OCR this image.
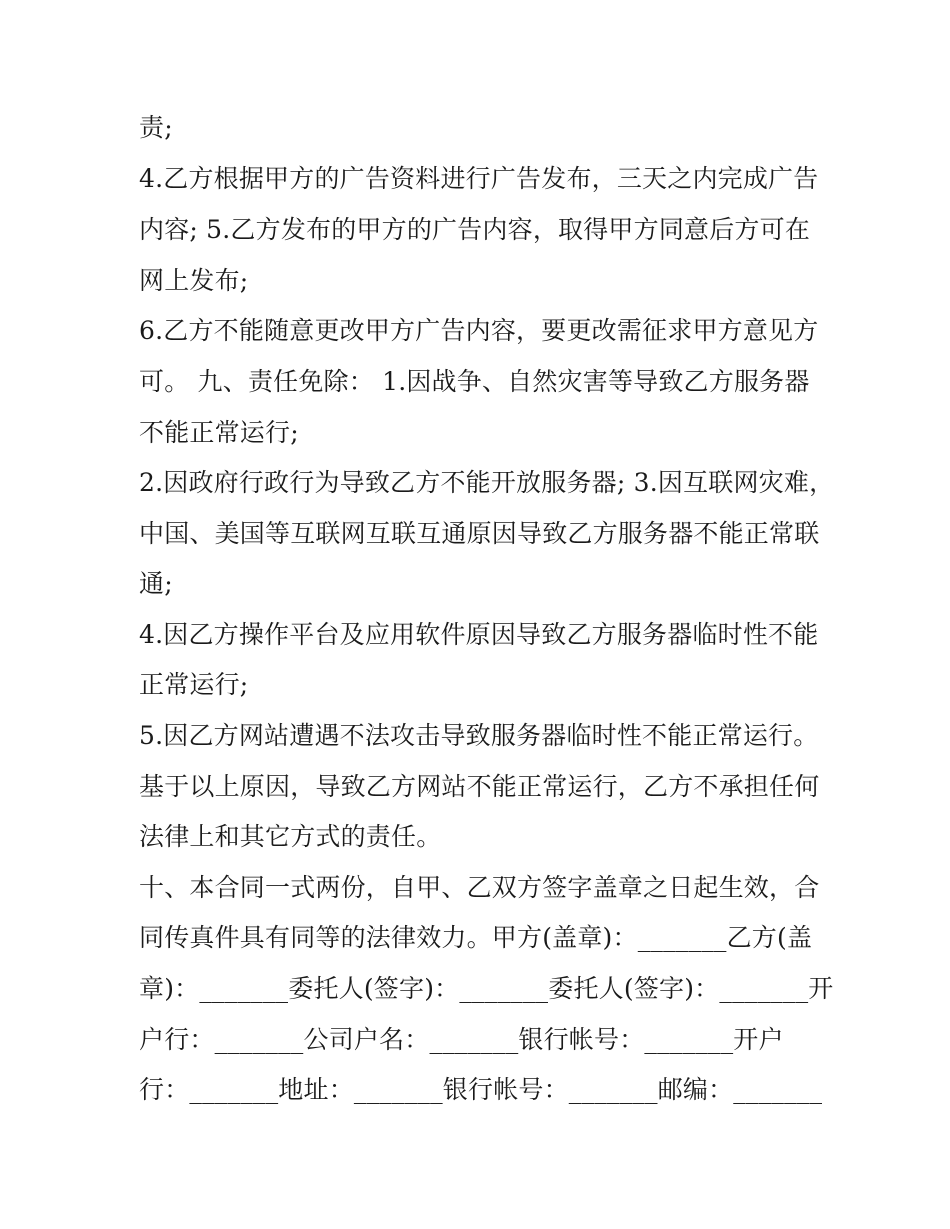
责;
4.乙方根据甲方的广告资料进行广告发布，三天之内完成广告
内容; 5.乙方发布的甲方的广告内容，取得甲方同意后方可在
网上发布;
6.乙方不能随意更改甲方广告内容，要更改需征求甲方意见方
可。 九、责任免除： 1.因战争、自然灾害等导致乙方服务器
不能正常运行;
2.因政府行政行为导致乙方不能开放服务器; 3.因互联网灾难，
中国、美国等互联网互联互通原因导致乙方服务器不能正常联
通;
4.因乙方操作平台及应用软件原因导致乙方服务器临时性不能
正常运行;
5.因乙方网站遭遇不法攻击导致服务器临时性不能正常运行。
基于以上原因，导致乙方网站不能正常运行，乙方不承担任何
法律上和其它方式的责任。
十、本合同一式两份，自甲、乙双方签字盖章之日起生效，合
同传真件具有同等的法律效力。甲方(盖章)：_______乙方(盖
章)：_______委托人(签字)：_______委托人(签字)：_______开
户行：_______公司户名：_______银行帐号：_______开户
行：_______地址：_______银行帐号：_______邮编：_______
